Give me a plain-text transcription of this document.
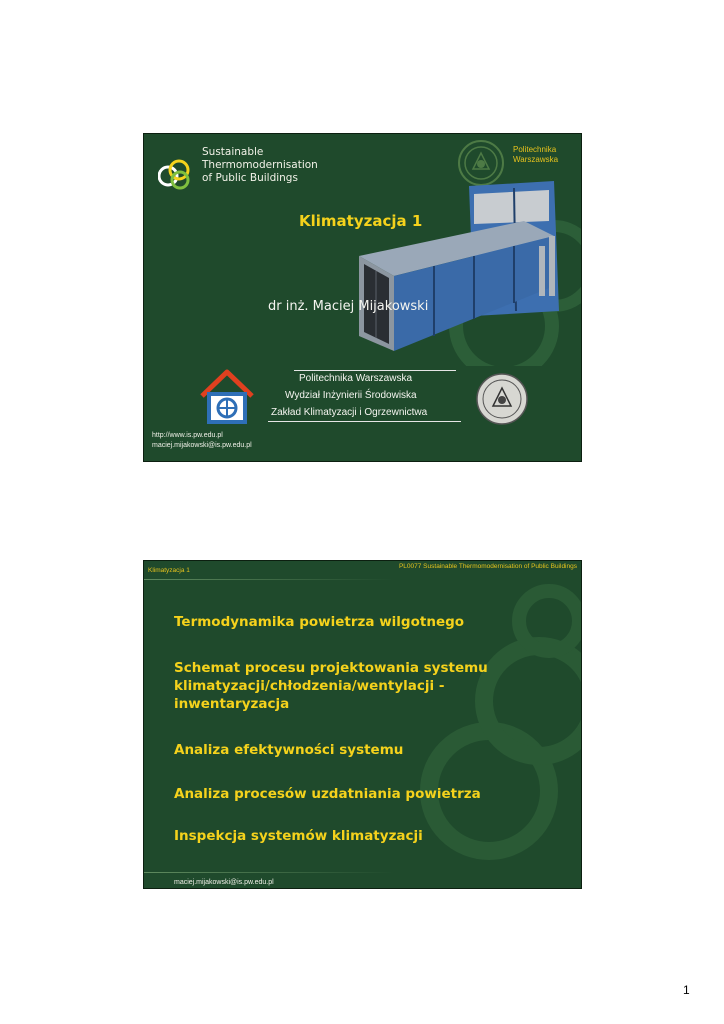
Sustainable
Thermomodernisation
of Public Buildings
Politechnika
Warszawska
Klimatyzacja 1
dr inż. Maciej Mijakowski
Politechnika Warszawska
Wydział Inżynierii Środowiska
Zakład Klimatyzacji i Ogrzewnictwa
http://www.is.pw.edu.pl
maciej.mijakowski@is.pw.edu.pl
Klimatyzacja 1
PL0077 Sustainable Thermomodernisation of Public Buildings
Termodynamika powietrza wilgotnego
Schemat procesu projektowania systemu klimatyzacji/chłodzenia/wentylacji - inwentaryzacja
Analiza efektywności systemu
Analiza procesów uzdatniania powietrza
Inspekcja systemów klimatyzacji
maciej.mijakowski@is.pw.edu.pl
1
